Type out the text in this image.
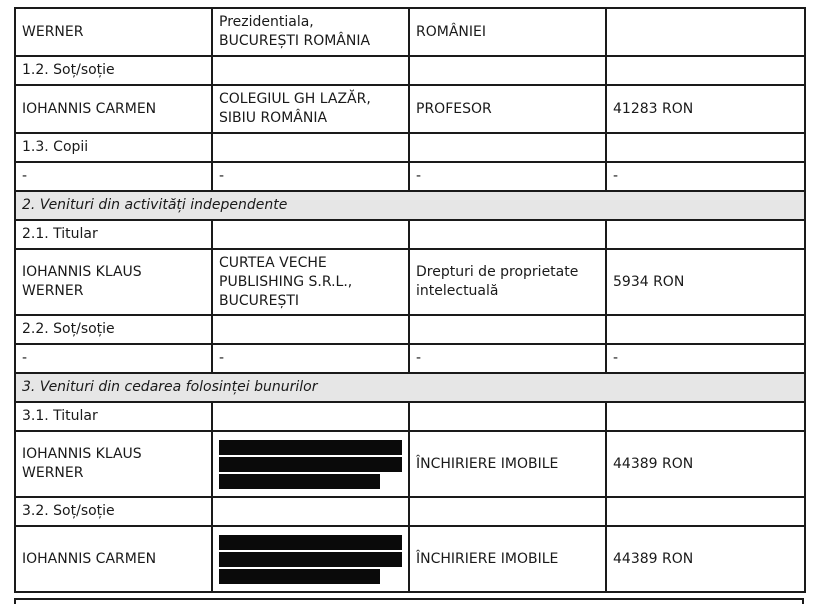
WERNER	Prezidentiala,
BUCUREȘTI ROMÂNIA	ROMÂNIEI	
1.2. Soț/soție			
IOHANNIS CARMEN	COLEGIUL GH LAZĂR,
SIBIU ROMÂNIA	PROFESOR	41283 RON
1.3. Copii			
-	-	-	-
2. Venituri din activități independente			
2.1. Titular			
IOHANNIS KLAUS
WERNER	CURTEA VECHE
PUBLISHING S.R.L.,
BUCUREȘTI	Drepturi de proprietate
intelectuală	5934 RON
2.2. Soț/soție			
-	-	-	-
3. Venituri din cedarea folosinței bunurilor			
3.1. Titular			
IOHANNIS KLAUS
WERNER		ÎNCHIRIERE IMOBILE	44389 RON
3.2. Soț/soție			
IOHANNIS CARMEN		ÎNCHIRIERE IMOBILE	44389 RON
